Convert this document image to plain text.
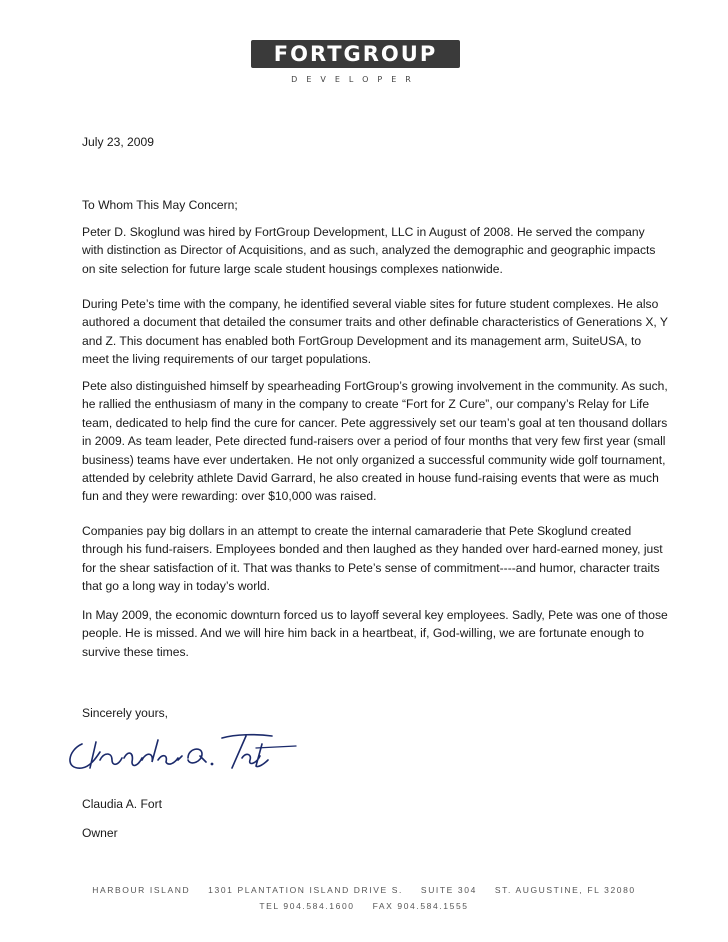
FORTGROUP
DEVELOPER

July 23, 2009

To Whom This May Concern;

Peter D. Skoglund was hired by FortGroup Development, LLC in August of 2008. He served the company with distinction as Director of Acquisitions, and as such, analyzed the demographic and geographic impacts on site selection for future large scale student housings complexes nationwide.

During Pete’s time with the company, he identified several viable sites for future student complexes. He also authored a document that detailed the consumer traits and other definable characteristics of Generations X, Y and Z. This document has enabled both FortGroup Development and its management arm, SuiteUSA, to meet the living requirements of our target populations.

Pete also distinguished himself by spearheading FortGroup’s growing involvement in the community. As such, he rallied the enthusiasm of many in the company to create “Fort for Z Cure”, our company’s Relay for Life team, dedicated to help find the cure for cancer. Pete aggressively set our team’s goal at ten thousand dollars in 2009. As team leader, Pete directed fund-raisers over a period of four months that very few first year (small business) teams have ever undertaken. He not only organized a successful community wide golf tournament, attended by celebrity athlete David Garrard, he also created in house fund-raising events that were as much fun and they were rewarding: over $10,000 was raised.

Companies pay big dollars in an attempt to create the internal camaraderie that Pete Skoglund created through his fund-raisers. Employees bonded and then laughed as they handed over hard-earned money, just for the shear satisfaction of it. That was thanks to Pete’s sense of commitment----and humor, character traits that go a long way in today’s world.

In May 2009, the economic downturn forced us to layoff several key employees. Sadly, Pete was one of those people. He is missed. And we will hire him back in a heartbeat, if, God-willing, we are fortunate enough to survive these times.

Sincerely yours,

Claudia A. Fort

Owner

HARBOUR ISLAND 1301 PLANTATION ISLAND DRIVE S. SUITE 304 ST. AUGUSTINE, FL 32080
TEL 904.584.1600 FAX 904.584.1555
